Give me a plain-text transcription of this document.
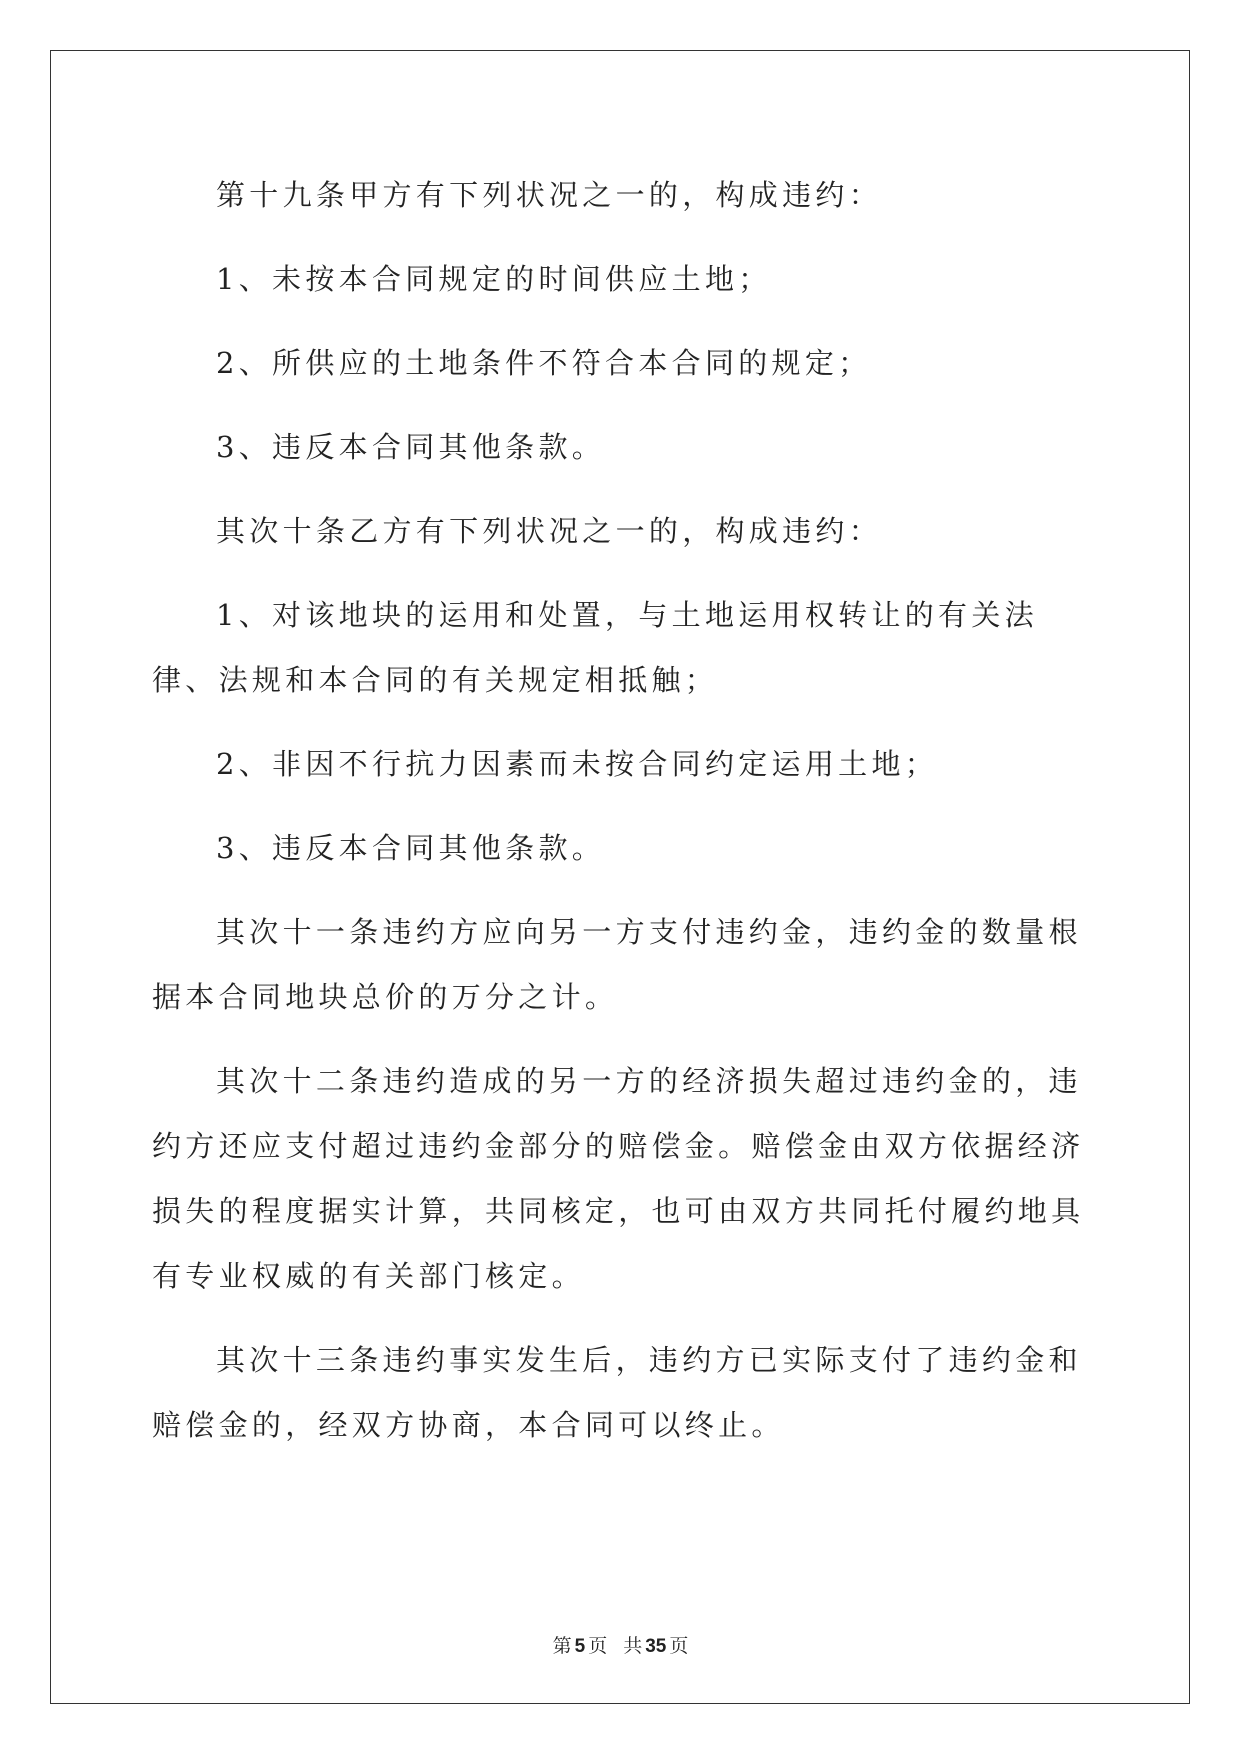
第十九条甲方有下列状况之一的，构成违约：

1、未按本合同规定的时间供应土地；

2、所供应的土地条件不符合本合同的规定；

3、违反本合同其他条款。

其次十条乙方有下列状况之一的，构成违约：

1、对该地块的运用和处置，与土地运用权转让的有关法律、法规和本合同的有关规定相抵触；

2、非因不行抗力因素而未按合同约定运用土地；

3、违反本合同其他条款。

其次十一条违约方应向另一方支付违约金，违约金的数量根据本合同地块总价的万分之计。

其次十二条违约造成的另一方的经济损失超过违约金的，违约方还应支付超过违约金部分的赔偿金。赔偿金由双方依据经济损失的程度据实计算，共同核定，也可由双方共同托付履约地具有专业权威的有关部门核定。

其次十三条违约事实发生后，违约方已实际支付了违约金和赔偿金的，经双方协商，本合同可以终止。

第 5 页 共 35 页
